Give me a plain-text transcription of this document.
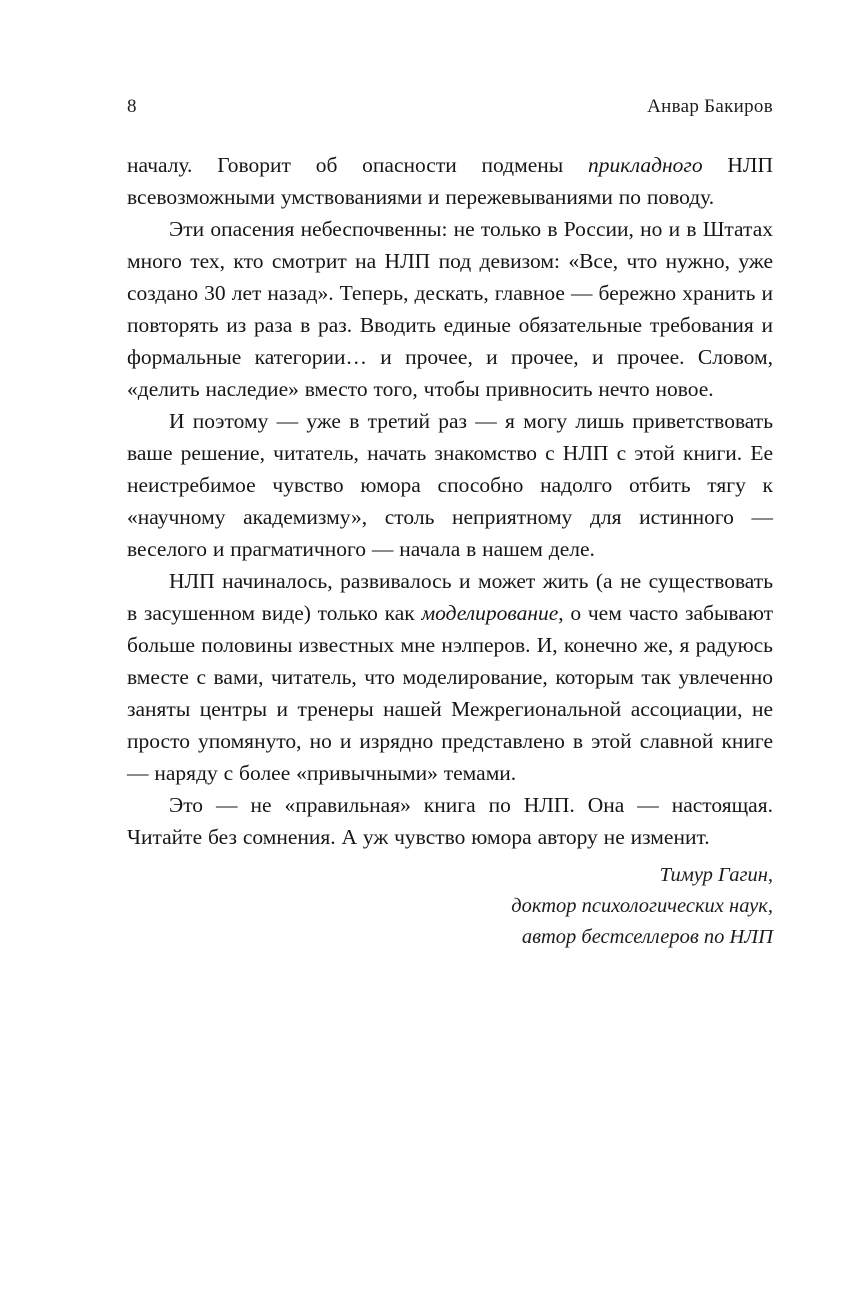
8	Анвар Бакиров

началу. Говорит об опасности подмены прикладного НЛП всевозможными умствованиями и пережевываниями по поводу.

Эти опасения небеспочвенны: не только в России, но и в Штатах много тех, кто смотрит на НЛП под девизом: «Все, что нужно, уже создано 30 лет назад». Теперь, дескать, главное — бережно хранить и повторять из раза в раз. Вводить единые обязательные требования и формальные категории… и прочее, и прочее, и прочее. Словом, «делить наследие» вместо того, чтобы привносить нечто новое.

И поэтому — уже в третий раз — я могу лишь приветствовать ваше решение, читатель, начать знакомство с НЛП с этой книги. Ее неистребимое чувство юмора способно надолго отбить тягу к «научному академизму», столь неприятному для истинного — веселого и прагматичного — начала в нашем деле.

НЛП начиналось, развивалось и может жить (а не существовать в засушенном виде) только как моделирование, о чем часто забывают больше половины известных мне нэлперов. И, конечно же, я радуюсь вместе с вами, читатель, что моделирование, которым так увлеченно заняты центры и тренеры нашей Межрегиональной ассоциации, не просто упомянуто, но и изрядно представлено в этой славной книге — наряду с более «привычными» темами.

Это — не «правильная» книга по НЛП. Она — настоящая. Читайте без сомнения. А уж чувство юмора автору не изменит.

Тимур Гагин,
доктор психологических наук,
автор бестселлеров по НЛП
